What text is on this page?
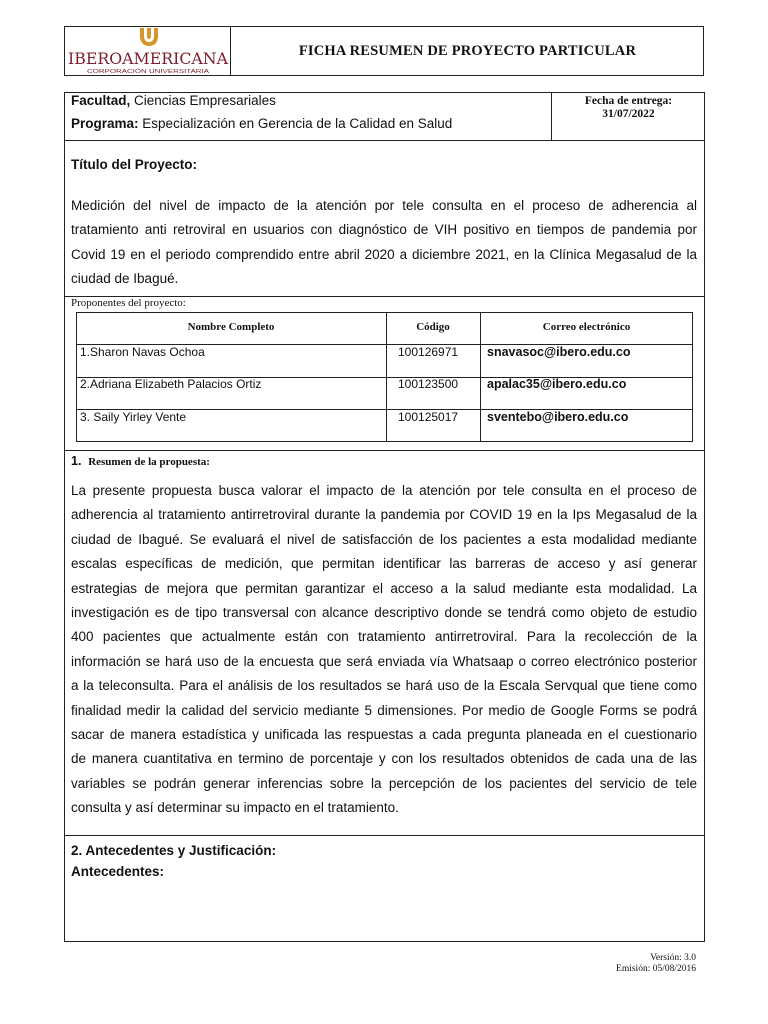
IBEROAMERICANA
CORPORACIÓN UNIVERSITARIA
FICHA RESUMEN DE PROYECTO PARTICULAR
Facultad, Ciencias Empresariales
Programa: Especialización en Gerencia de la Calidad en Salud
Fecha de entrega:
31/07/2022
Título del Proyecto:
Medición del nivel de impacto de la atención por tele consulta en el proceso de adherencia al
tratamiento anti retroviral en usuarios con diagnóstico de VIH positivo en tiempos de pandemia por
Covid 19 en el periodo comprendido entre abril 2020 a diciembre 2021, en la Clínica Megasalud de la
ciudad de Ibagué.
Proponentes del proyecto:
Nombre Completo	Código	Correo electrónico
1.Sharon Navas Ochoa	100126971 snavasoc@ibero.edu.co
2.Adriana Elizabeth Palacios Ortiz	100123500 apalac35@ibero.edu.co
3. Saily Yirley Vente	100125017 sventebo@ibero.edu.co
1. Resumen de la propuesta:
La presente propuesta busca valorar el impacto de la atención por tele consulta en el proceso de
adherencia al tratamiento antirretroviral durante la pandemia por COVID 19 en la Ips Megasalud de la
ciudad de Ibagué. Se evaluará el nivel de satisfacción de los pacientes a esta modalidad mediante
escalas específicas de medición, que permitan identificar las barreras de acceso y así generar
estrategias de mejora que permitan garantizar el acceso a la salud mediante esta modalidad. La
investigación es de tipo transversal con alcance descriptivo donde se tendrá como objeto de estudio
400 pacientes que actualmente están con tratamiento antirretroviral. Para la recolección de la
información se hará uso de la encuesta que será enviada vía Whatsaap o correo electrónico posterior
a la teleconsulta. Para el análisis de los resultados se hará uso de la Escala Servqual que tiene como
finalidad medir la calidad del servicio mediante 5 dimensiones. Por medio de Google Forms se podrá
sacar de manera estadística y unificada las respuestas a cada pregunta planeada en el cuestionario
de manera cuantitativa en termino de porcentaje y con los resultados obtenidos de cada una de las
variables se podrán generar inferencias sobre la percepción de los pacientes del servicio de tele
consulta y así determinar su impacto en el tratamiento.
2. Antecedentes y Justificación:
Antecedentes:
Versión: 3.0
Emisión: 05/08/2016
